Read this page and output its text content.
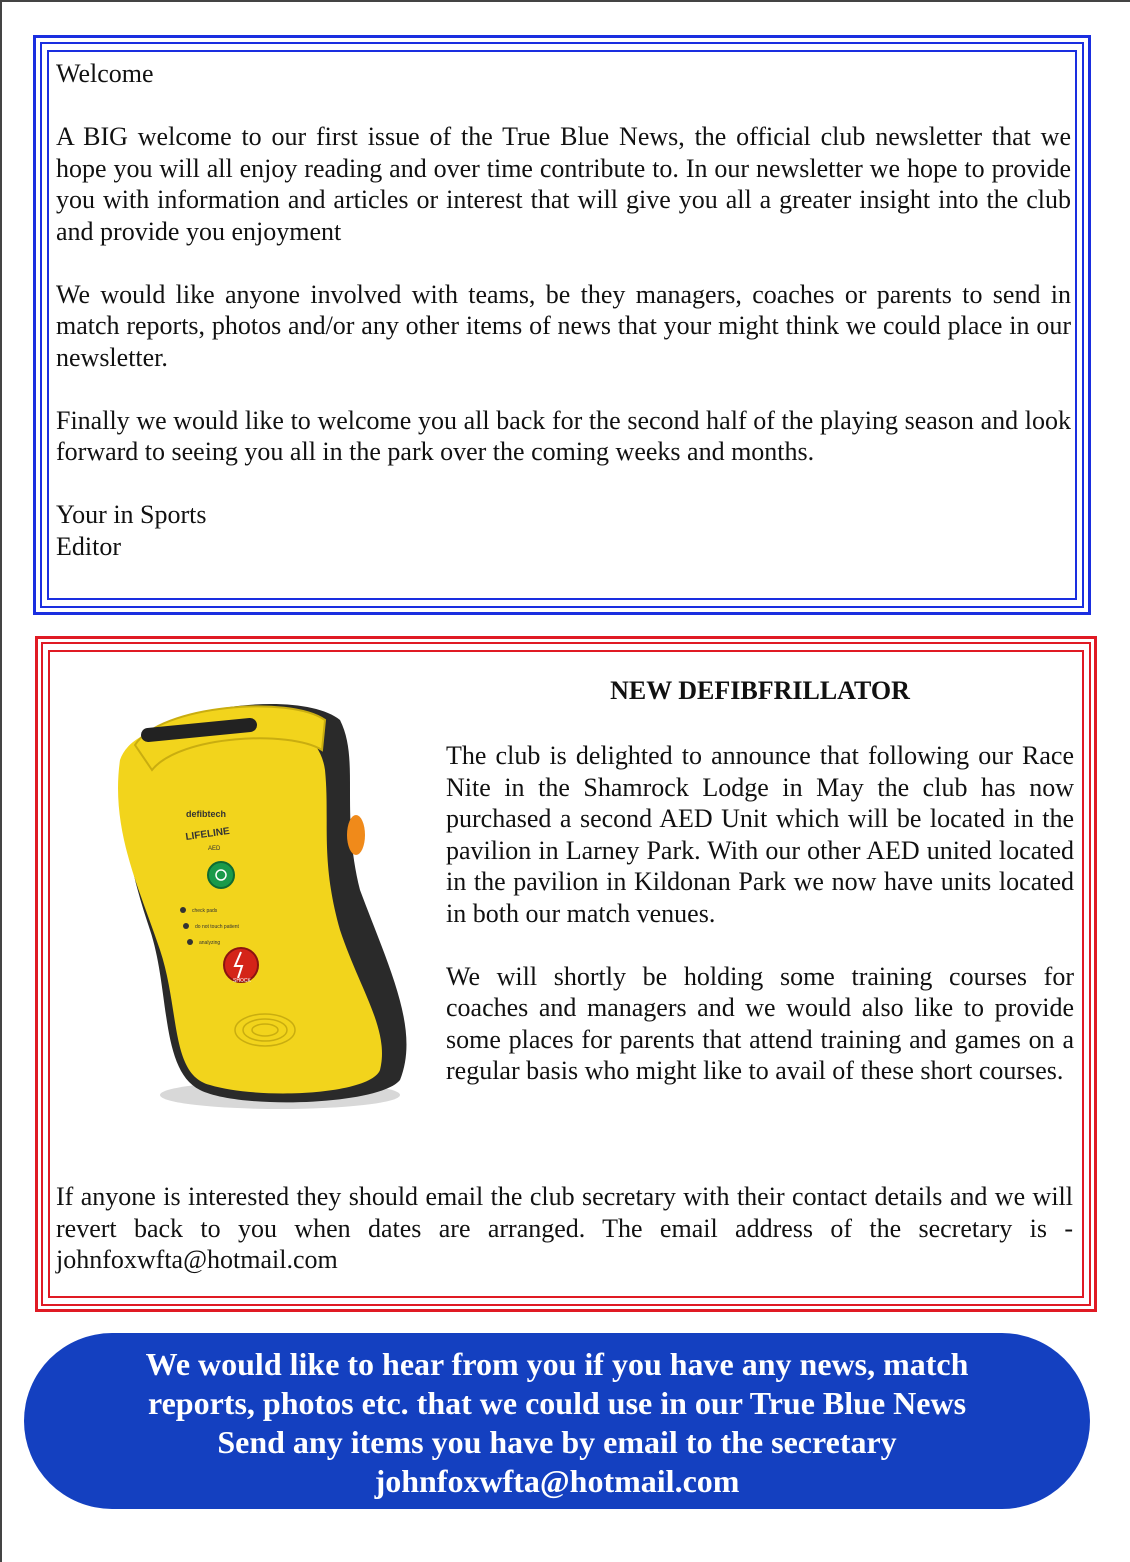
Welcome

A BIG welcome to our first issue of the True Blue News, the official club newsletter that we hope you will all enjoy reading and over time contribute to. In our newsletter we hope to provide you with information and articles or interest that will give you all a greater insight into the club and provide you enjoyment

We would like anyone involved with teams, be they managers, coaches or parents to send in match reports, photos and/or any other items of news that your might think we could place in our newsletter.

Finally we would like to welcome you all back for the second half of the playing season and look forward to seeing you all in the park over the coming weeks and months.

Your in Sports

Editor

defibtech
LIFELINE
AED
check pads
do not touch patient
analyzing
SHOCK
NEW DEFIBFRILLATOR

The club is delighted to announce that following our Race Nite in the Shamrock Lodge in May the club has now purchased a second AED Unit which will be located in the pavilion in Larney Park. With our other AED united located in the pavilion in Kildonan Park we now have units located in both our match venues.

We will shortly be holding some training courses for coaches and managers and we would also like to provide some places for parents that attend training and games on a regular basis who might like to avail of these short courses.

If anyone is interested they should email the club secretary with their contact details and we will revert back to you when dates are arranged. The email address of the secretary is - johnfoxwfta@hotmail.com
We would like to hear from you if you have any news, match
reports, photos etc. that we could use in our True Blue News
Send any items you have by email to the secretary
johnfoxwfta@hotmail.com
